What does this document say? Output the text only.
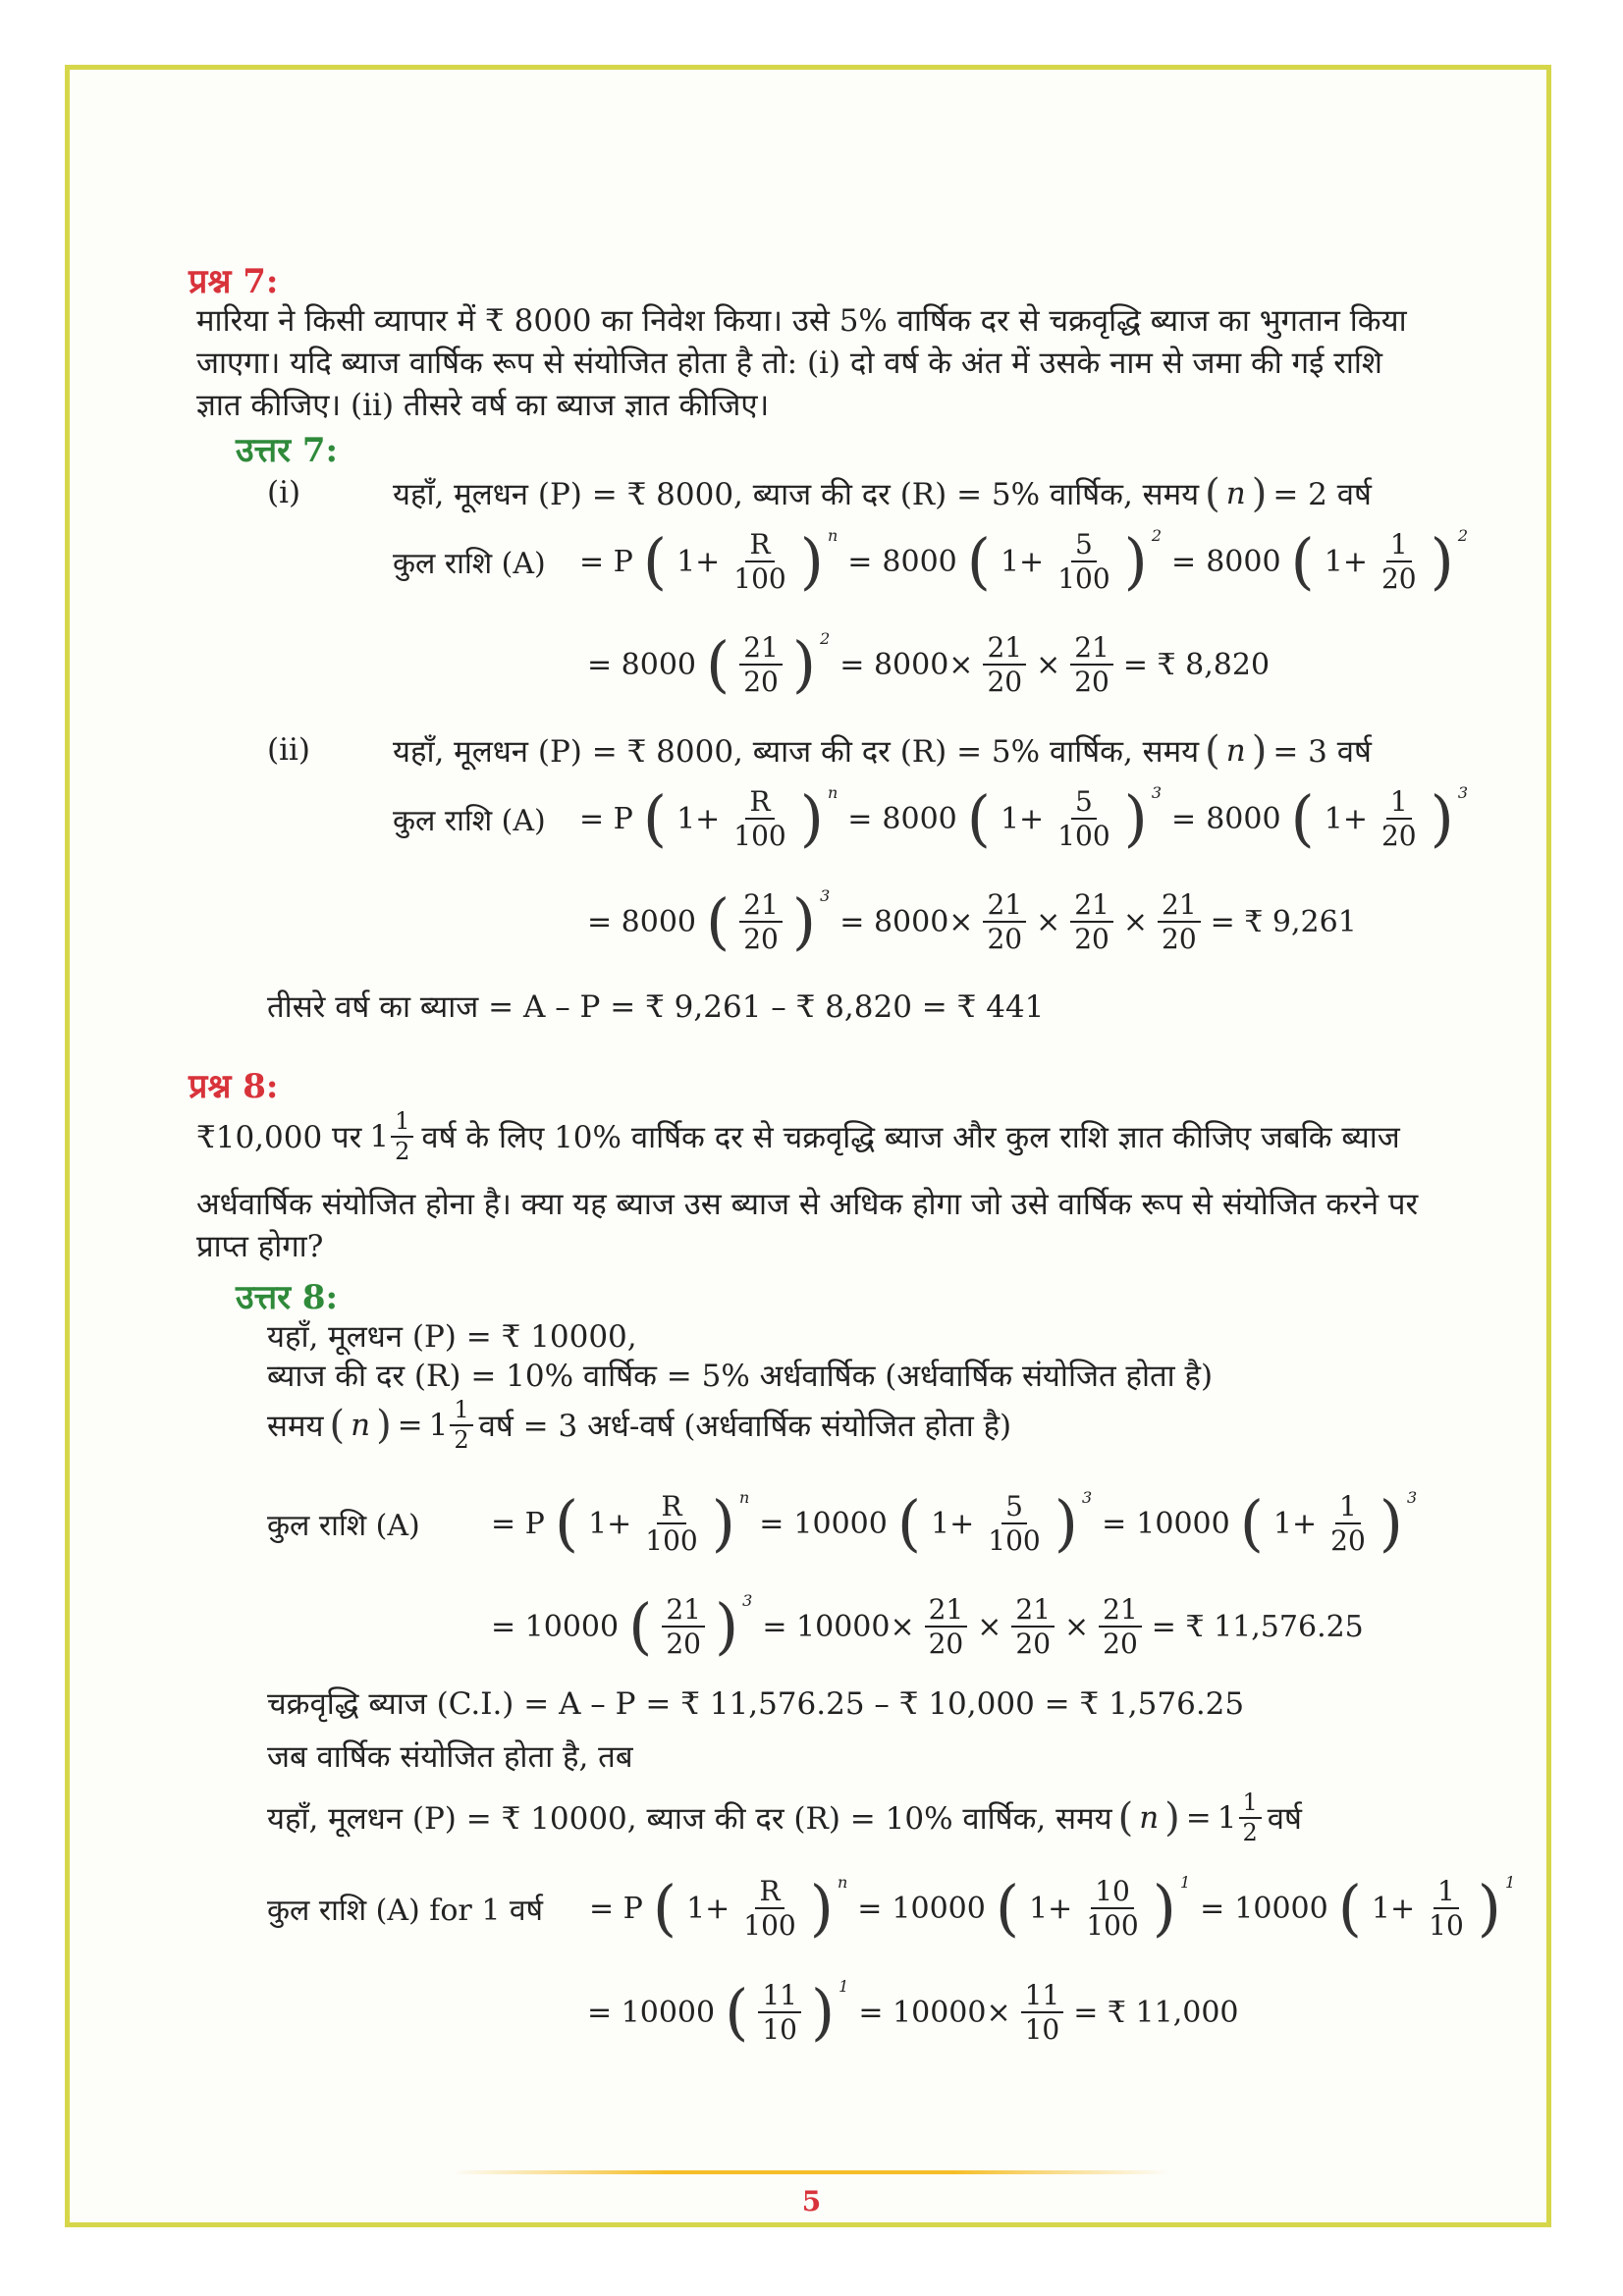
प्रश्न 7:
मारिया ने किसी व्यापार में ₹ 8000 का निवेश किया। उसे 5% वार्षिक दर से चक्रवृद्धि ब्याज का भुगतान किया जाएगा। यदि ब्याज वार्षिक रूप से संयोजित होता है तो: (i) दो वर्ष के अंत में उसके नाम से जमा की गई राशि ज्ञात कीजिए। (ii) तीसरे वर्ष का ब्याज ज्ञात कीजिए।
उत्तर 7:
(i)	यहाँ, मूलधन (P) = ₹ 8000, ब्याज की दर (R) = 5% वार्षिक, समय ( n ) = 2 वर्ष
कुल राशि (A)	= P ( $1+ \frac{R}{100}$ ) n
= 8000 ( $1+ \frac{5}{100}$ ) 2
= 8000 ( $1+ \frac{1}{20}$ ) 2
= 8000 ( $\frac{21}{20}$ ) 2
= $8000\times \frac{21}{20} \times \frac{21}{20}$ = ₹ 8,820
(ii)	यहाँ, मूलधन (P) = ₹ 8000, ब्याज की दर (R) = 5% वार्षिक, समय ( n ) = 3 वर्ष
कुल राशि (A)	= P ( $1+ \frac{R}{100}$ ) n
= 8000 ( $1+ \frac{5}{100}$ ) 3
= 8000 ( $1+ \frac{1}{20}$ ) 3
= 8000 ( $\frac{21}{20}$ ) 3
= $8000\times \frac{21}{20} \times \frac{21}{20} \times \frac{21}{20}$ = ₹ 9,261
तीसरे वर्ष का ब्याज = A – P = ₹ 9,261 – ₹ 8,820 = ₹ 441
प्रश्न 8:
₹10,000 पर $1 \frac{1}{2}$ वर्ष के लिए 10% वार्षिक दर से चक्रवृद्धि ब्याज और कुल राशि ज्ञात कीजिए जबकि ब्याज
अर्धवार्षिक संयोजित होना है। क्या यह ब्याज उस ब्याज से अधिक होगा जो उसे वार्षिक रूप से संयोजित करने पर प्राप्त होगा?
उत्तर 8:
यहाँ, मूलधन (P) = ₹ 10000,
ब्याज की दर (R) = 10% वार्षिक = 5% अर्धवार्षिक (अर्धवार्षिक संयोजित होता है)
समय ( n ) = $1 \frac{1}{2}$ वर्ष = 3 अर्ध-वर्ष (अर्धवार्षिक संयोजित होता है)
कुल राशि (A)	= P ( $1+ \frac{R}{100}$ ) n
= 10000 ( $1+ \frac{5}{100}$ ) 3
= 10000 ( $1+ \frac{1}{20}$ ) 3
= 10000 ( $\frac{21}{20}$ ) 3
= $10000\times \frac{21}{20} \times \frac{21}{20} \times \frac{21}{20}$ = ₹ 11,576.25
चक्रवृद्धि ब्याज (C.I.) = A – P = ₹ 11,576.25 – ₹ 10,000 = ₹ 1,576.25
जब वार्षिक संयोजित होता है, तब
यहाँ, मूलधन (P) = ₹ 10000, ब्याज की दर (R) = 10% वार्षिक, समय ( n ) = $1 \frac{1}{2}$ वर्ष
कुल राशि (A) for 1 वर्ष	= P ( $1+ \frac{R}{100}$ ) n
= 10000 ( $1+ \frac{10}{100}$ ) 1
= 10000 ( $1+ \frac{1}{10}$ ) 1
= 10000 ( $\frac{11}{10}$ ) 1
= $10000\times \frac{11}{10}$ = ₹ 11,000
5
